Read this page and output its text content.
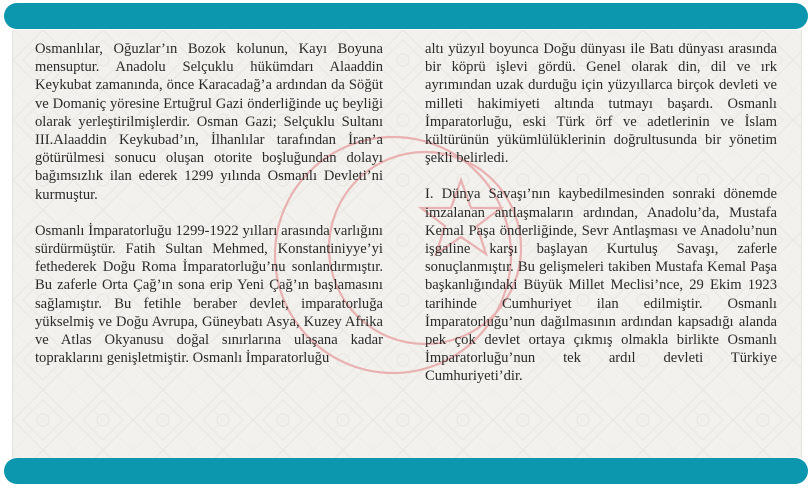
Osmanlılar, Oğuzlar’ın Bozok kolunun, Kayı Boyuna mensuptur. Anadolu Selçuklu hükümdarı Alaaddin Keykubat zamanında, önce Karacadağ’a ardından da Söğüt ve Domaniç yöresine Ertuğrul Gazi önderliğinde uç beyliği olarak yerleştirilmişlerdir. Osman Gazi; Selçuklu Sultanı III.Alaaddin Keykubad’ın, İlhanlılar tarafından İran’a götürülmesi sonucu oluşan otorite boşluğundan dolayı bağımsızlık ilan ederek 1299 yılında Osmanlı Devleti’ni kurmuştur.

Osmanlı İmparatorluğu 1299-1922 yılları arasında varlığını sürdürmüştür. Fatih Sultan Mehmed, Konstantiniyye’yi fethederek Doğu Roma İmparatorluğu’nu sonlandırmıştır. Bu zaferle Orta Çağ’ın sona erip Yeni Çağ’ın başlamasını sağlamıştır. Bu fetihle beraber devlet, imparatorluğa yükselmiş ve Doğu Avrupa, Güneybatı Asya, Kuzey Afrika ve Atlas Okyanusu doğal sınırlarına ulaşana kadar topraklarını genişletmiştir. Osmanlı İmparatorluğu

altı yüzyıl boyunca Doğu dünyası ile Batı dünyası arasında bir köprü işlevi gördü. Genel olarak din, dil ve ırk ayrımından uzak durduğu için yüzyıllarca birçok devleti ve milleti hakimiyeti altında tutmayı başardı. Osmanlı İmparatorluğu, eski Türk örf ve adetlerinin ve İslam kültürünün yükümlülüklerinin doğrultusunda bir yönetim şekli belirledi.

I. Dünya Savaşı’nın kaybedilmesinden sonraki dönemde imzalanan antlaşmaların ardından, Anadolu’da, Mustafa Kemal Paşa önderliğinde, Sevr Antlaşması ve Anadolu’nun işgaline karşı başlayan Kurtuluş Savaşı, zaferle sonuçlanmıştır. Bu gelişmeleri takiben Mustafa Kemal Paşa başkanlığındaki Büyük Millet Meclisi’nce, 29 Ekim 1923 tarihinde Cumhuriyet ilan edilmiştir. Osmanlı İmparatorluğu’nun dağılmasının ardından kapsadığı alanda pek çok devlet ortaya çıkmış olmakla birlikte Osmanlı İmparatorluğu’nun tek ardıl devleti Türkiye Cumhuriyeti’dir.
